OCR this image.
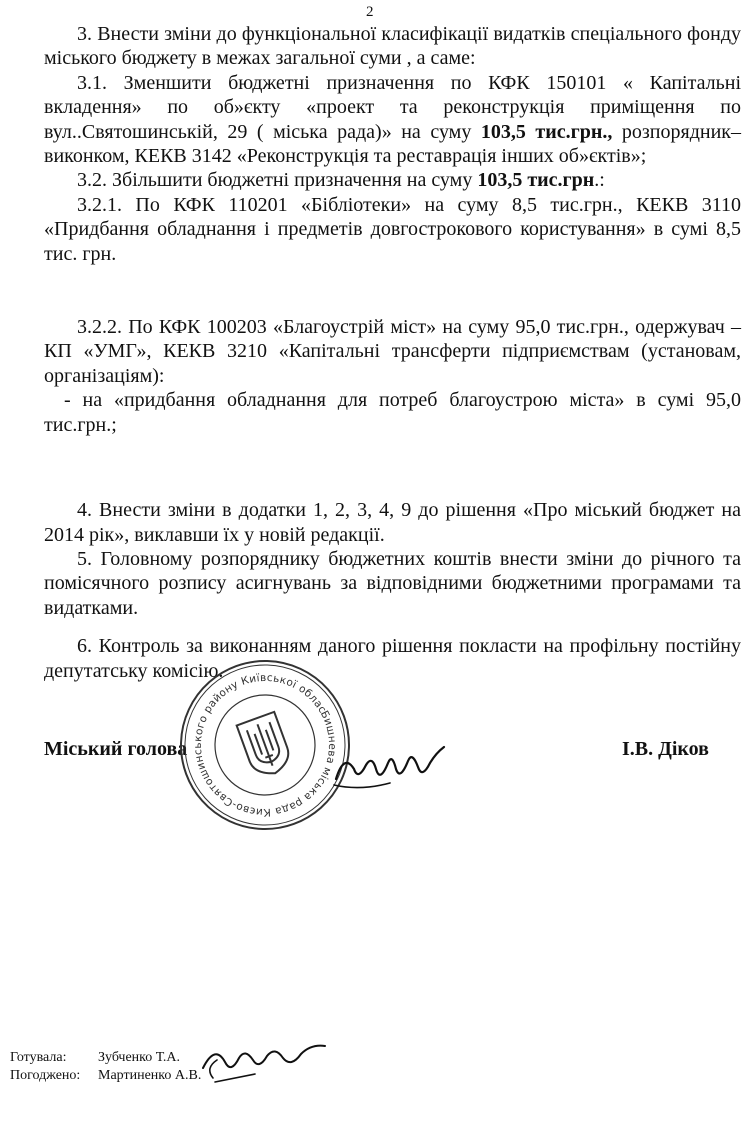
2

3. Внести зміни до функціональної класифікації видатків спеціального фонду міського бюджету в межах загальної суми , а саме:

3.1. Зменшити бюджетні призначення по КФК 150101 « Капітальні вкладення» по об»єкту «проект та реконструкція приміщення по вул..Святошинській, 29 ( міська рада)» на суму 103,5 тис.грн., розпорядник– виконком, КЕКВ 3142 «Реконструкція та реставрація інших об»єктів»;

3.2. Збільшити бюджетні призначення на суму 103,5 тис.грн.:

3.2.1. По КФК 110201 «Бібліотеки» на суму 8,5 тис.грн., КЕКВ 3110 «Придбання обладнання і предметів довгострокового користування» в сумі 8,5 тис. грн.

3.2.2. По КФК 100203 «Благоустрій міст» на суму 95,0 тис.грн., одержувач – КП «УМГ», КЕКВ 3210 «Капітальні трансферти підприємствам (установам, організаціям):

- на «придбання обладнання для потреб благоустрою міста» в сумі 95,0 тис.грн.;

4. Внести зміни в додатки 1, 2, 3, 4, 9 до рішення «Про міський бюджет на 2014 рік», виклавши їх у новій редакції.

5. Головному розпоряднику бюджетних коштів внести зміни до річного та помісячного розпису асигнувань за відповідними бюджетними програмами та видатками.

6. Контроль за виконанням даного рішення покласти на профільну постійну депутатську комісію.

Міський голова	І.В. Діков
Бишнева міська рада Києво-Святошинського району Київської області
Готувала: Зубченко Т.А.
Погоджено: Мартиненко А.В.
